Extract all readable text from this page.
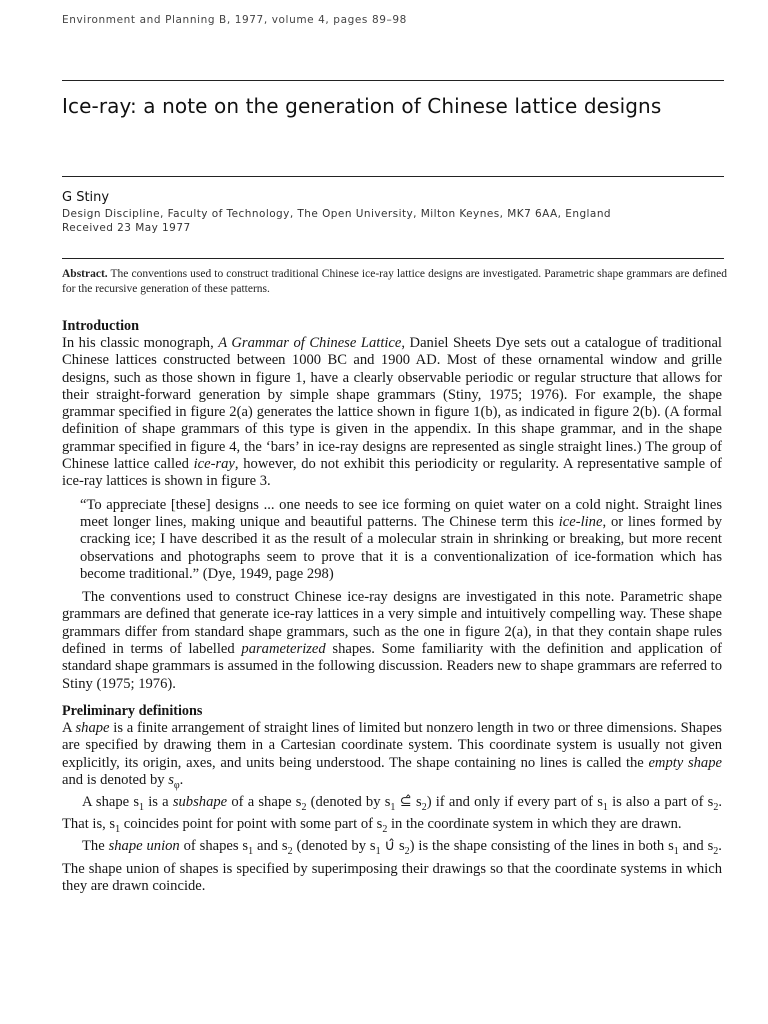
Environment and Planning B, 1977, volume 4, pages 89–98
Ice-ray: a note on the generation of Chinese lattice designs
G Stiny
Design Discipline, Faculty of Technology, The Open University, Milton Keynes, MK7 6AA, England
Received 23 May 1977
Abstract. The conventions used to construct traditional Chinese ice-ray lattice designs are investigated. Parametric shape grammars are defined for the recursive generation of these patterns.
Introduction

In his classic monograph, A Grammar of Chinese Lattice, Daniel Sheets Dye sets out a catalogue of traditional Chinese lattices constructed between 1000 BC and 1900 AD. Most of these ornamental window and grille designs, such as those shown in figure 1, have a clearly observable periodic or regular structure that allows for their straight-forward generation by simple shape grammars (Stiny, 1975; 1976). For example, the shape grammar specified in figure 2(a) generates the lattice shown in figure 1(b), as indicated in figure 2(b). (A formal definition of shape grammars of this type is given in the appendix. In this shape grammar, and in the shape grammar specified in figure 4, the ‘bars’ in ice-ray designs are represented as single straight lines.) The group of Chinese lattice called ice-ray, however, do not exhibit this periodicity or regularity. A representative sample of ice-ray lattices is shown in figure 3.

“To appreciate [these] designs ... one needs to see ice forming on quiet water on a cold night. Straight lines meet longer lines, making unique and beautiful patterns. The Chinese term this ice-line, or lines formed by cracking ice; I have described it as the result of a molecular strain in shrinking or breaking, but more recent observations and photographs seem to prove that it is a conventionalization of ice-formation which has become traditional.” (Dye, 1949, page 298)

The conventions used to construct Chinese ice-ray designs are investigated in this note. Parametric shape grammars are defined that generate ice-ray lattices in a very simple and intuitively compelling way. These shape grammars differ from standard shape grammars, such as the one in figure 2(a), in that they contain shape rules defined in terms of labelled parameterized shapes. Some familiarity with the definition and application of standard shape grammars is assumed in the following discussion. Readers new to shape grammars are referred to Stiny (1975; 1976).

Preliminary definitions

A shape is a finite arrangement of straight lines of limited but nonzero length in two or three dimensions. Shapes are specified by drawing them in a Cartesian coordinate system. This coordinate system is usually not given explicitly, its origin, axes, and units being understood. The shape containing no lines is called the empty shape and is denoted by $s_\varphi$.

A shape $s_1$ is a subshape of a shape $s_2$ (denoted by $s_1$ ⊆̂ $s_2$) if and only if every part of $s_1$ is also a part of $s_2$. That is, $s_1$ coincides point for point with some part of $s_2$ in the coordinate system in which they are drawn.

The shape union of shapes $s_1$ and $s_2$ (denoted by $s_1$ ∪̂ $s_2$) is the shape consisting of the lines in both $s_1$ and $s_2$. The shape union of shapes is specified by superimposing their drawings so that the coordinate systems in which they are drawn coincide.
